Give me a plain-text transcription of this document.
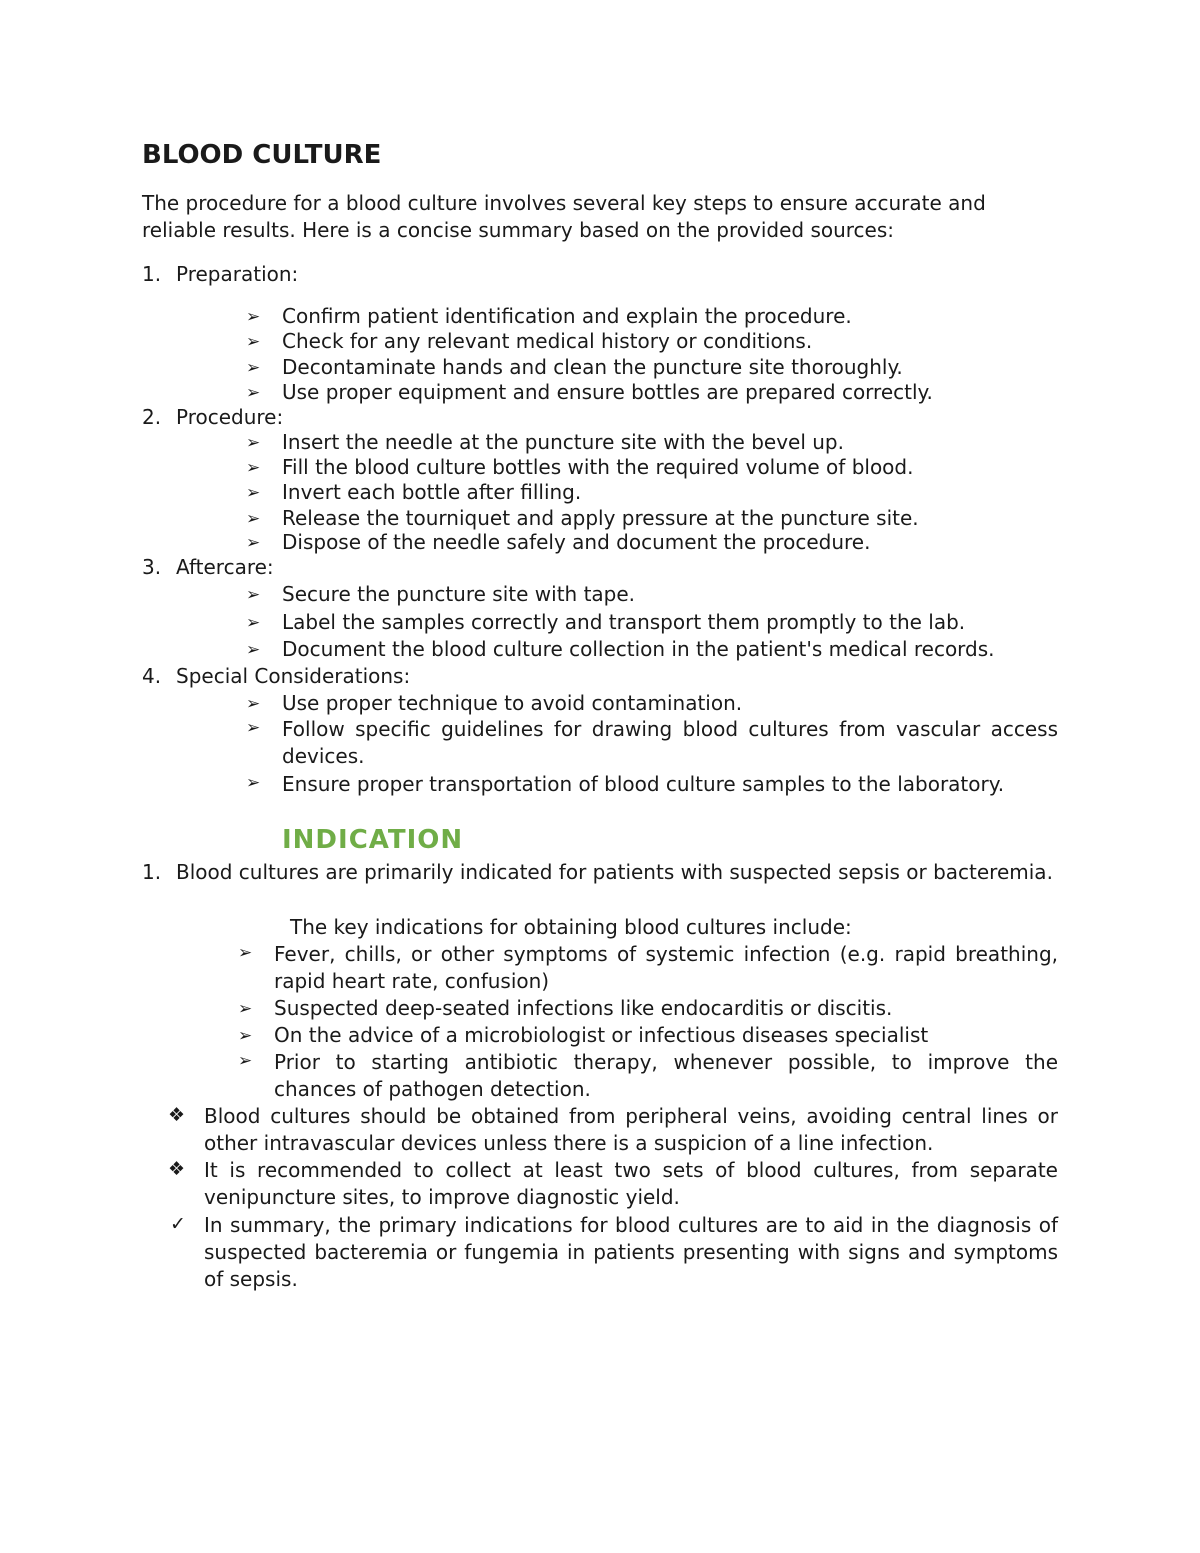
BLOOD CULTURE

The procedure for a blood culture involves several key steps to ensure accurate and reliable results. Here is a concise summary based on the provided sources:

1. Preparation:
➢ Confirm patient identification and explain the procedure.
➢ Check for any relevant medical history or conditions.
➢ Decontaminate hands and clean the puncture site thoroughly.
➢ Use proper equipment and ensure bottles are prepared correctly.
2. Procedure:
➢ Insert the needle at the puncture site with the bevel up.
➢ Fill the blood culture bottles with the required volume of blood.
➢ Invert each bottle after filling.
➢ Release the tourniquet and apply pressure at the puncture site.
➢ Dispose of the needle safely and document the procedure.
3. Aftercare:
➢ Secure the puncture site with tape.
➢ Label the samples correctly and transport them promptly to the lab.
➢ Document the blood culture collection in the patient's medical records.
4. Special Considerations:
➢ Use proper technique to avoid contamination.
➢ Follow specific guidelines for drawing blood cultures from vascular access devices.
➢ Ensure proper transportation of blood culture samples to the laboratory.
INDICATION
1. Blood cultures are primarily indicated for patients with suspected sepsis or bacteremia.
The key indications for obtaining blood cultures include:
➢ Fever, chills, or other symptoms of systemic infection (e.g. rapid breathing, rapid heart rate, confusion)
➢ Suspected deep-seated infections like endocarditis or discitis.
➢ On the advice of a microbiologist or infectious diseases specialist
➢ Prior to starting antibiotic therapy, whenever possible, to improve the chances of pathogen detection.
❖ Blood cultures should be obtained from peripheral veins, avoiding central lines or other intravascular devices unless there is a suspicion of a line infection.
❖ It is recommended to collect at least two sets of blood cultures, from separate venipuncture sites, to improve diagnostic yield.
✓ In summary, the primary indications for blood cultures are to aid in the diagnosis of suspected bacteremia or fungemia in patients presenting with signs and symptoms of sepsis.
